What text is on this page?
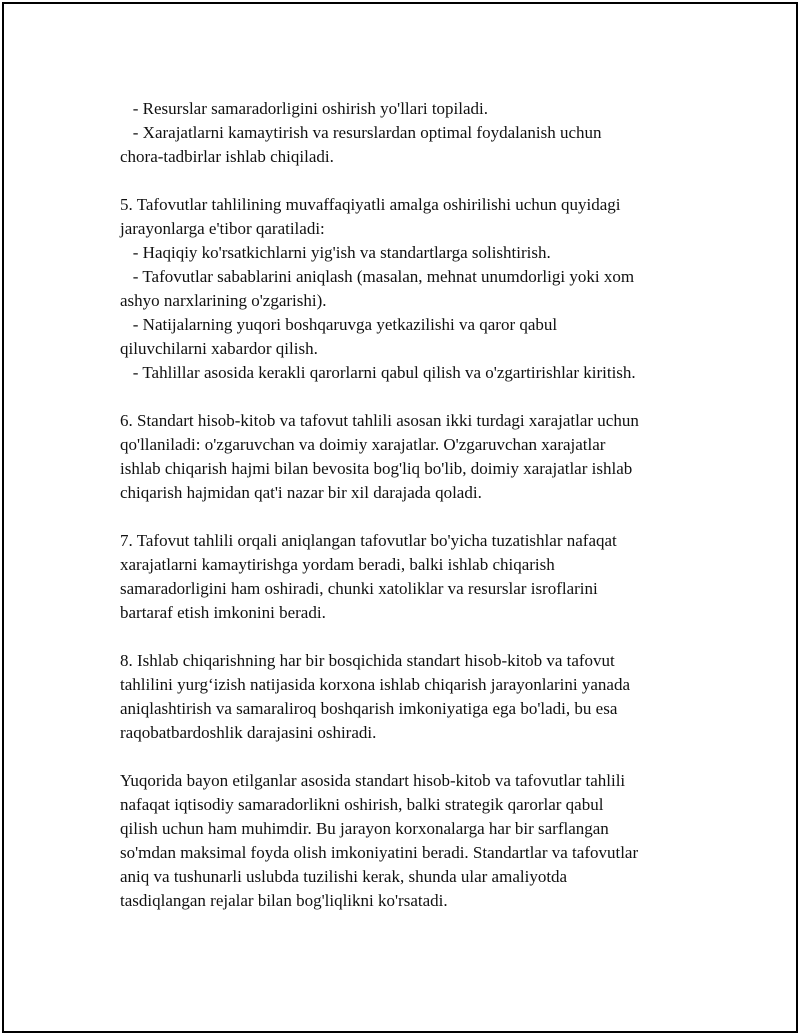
- Resurslar samaradorligini oshirish yo'llari topiladi.
- Xarajatlarni kamaytirish va resurslardan optimal foydalanish uchun
chora-tadbirlar ishlab chiqiladi.
5. Tafovutlar tahlilining muvaffaqiyatli amalga oshirilishi uchun quyidagi
jarayonlarga e'tibor qaratiladi:
- Haqiqiy ko'rsatkichlarni yig'ish va standartlarga solishtirish.
- Tafovutlar sabablarini aniqlash (masalan, mehnat unumdorligi yoki xom
ashyo narxlarining o'zgarishi).
- Natijalarning yuqori boshqaruvga yetkazilishi va qaror qabul
qiluvchilarni xabardor qilish.
- Tahlillar asosida kerakli qarorlarni qabul qilish va o'zgartirishlar kiritish.
6. Standart hisob-kitob va tafovut tahlili asosan ikki turdagi xarajatlar uchun
qo'llaniladi: o'zgaruvchan va doimiy xarajatlar. O'zgaruvchan xarajatlar
ishlab chiqarish hajmi bilan bevosita bog'liq bo'lib, doimiy xarajatlar ishlab
chiqarish hajmidan qat'i nazar bir xil darajada qoladi.
7. Tafovut tahlili orqali aniqlangan tafovutlar bo'yicha tuzatishlar nafaqat
xarajatlarni kamaytirishga yordam beradi, balki ishlab chiqarish
samaradorligini ham oshiradi, chunki xatoliklar va resurslar isroflarini
bartaraf etish imkonini beradi.
8. Ishlab chiqarishning har bir bosqichida standart hisob-kitob va tafovut
tahlilini yurg‘izish natijasida korxona ishlab chiqarish jarayonlarini yanada
aniqlashtirish va samaraliroq boshqarish imkoniyatiga ega bo'ladi, bu esa
raqobatbardoshlik darajasini oshiradi.
Yuqorida bayon etilganlar asosida standart hisob-kitob va tafovutlar tahlili
nafaqat iqtisodiy samaradorlikni oshirish, balki strategik qarorlar qabul
qilish uchun ham muhimdir. Bu jarayon korxonalarga har bir sarflangan
so'mdan maksimal foyda olish imkoniyatini beradi. Standartlar va tafovutlar
aniq va tushunarli uslubda tuzilishi kerak, shunda ular amaliyotda
tasdiqlangan rejalar bilan bog'liqlikni ko'rsatadi.
